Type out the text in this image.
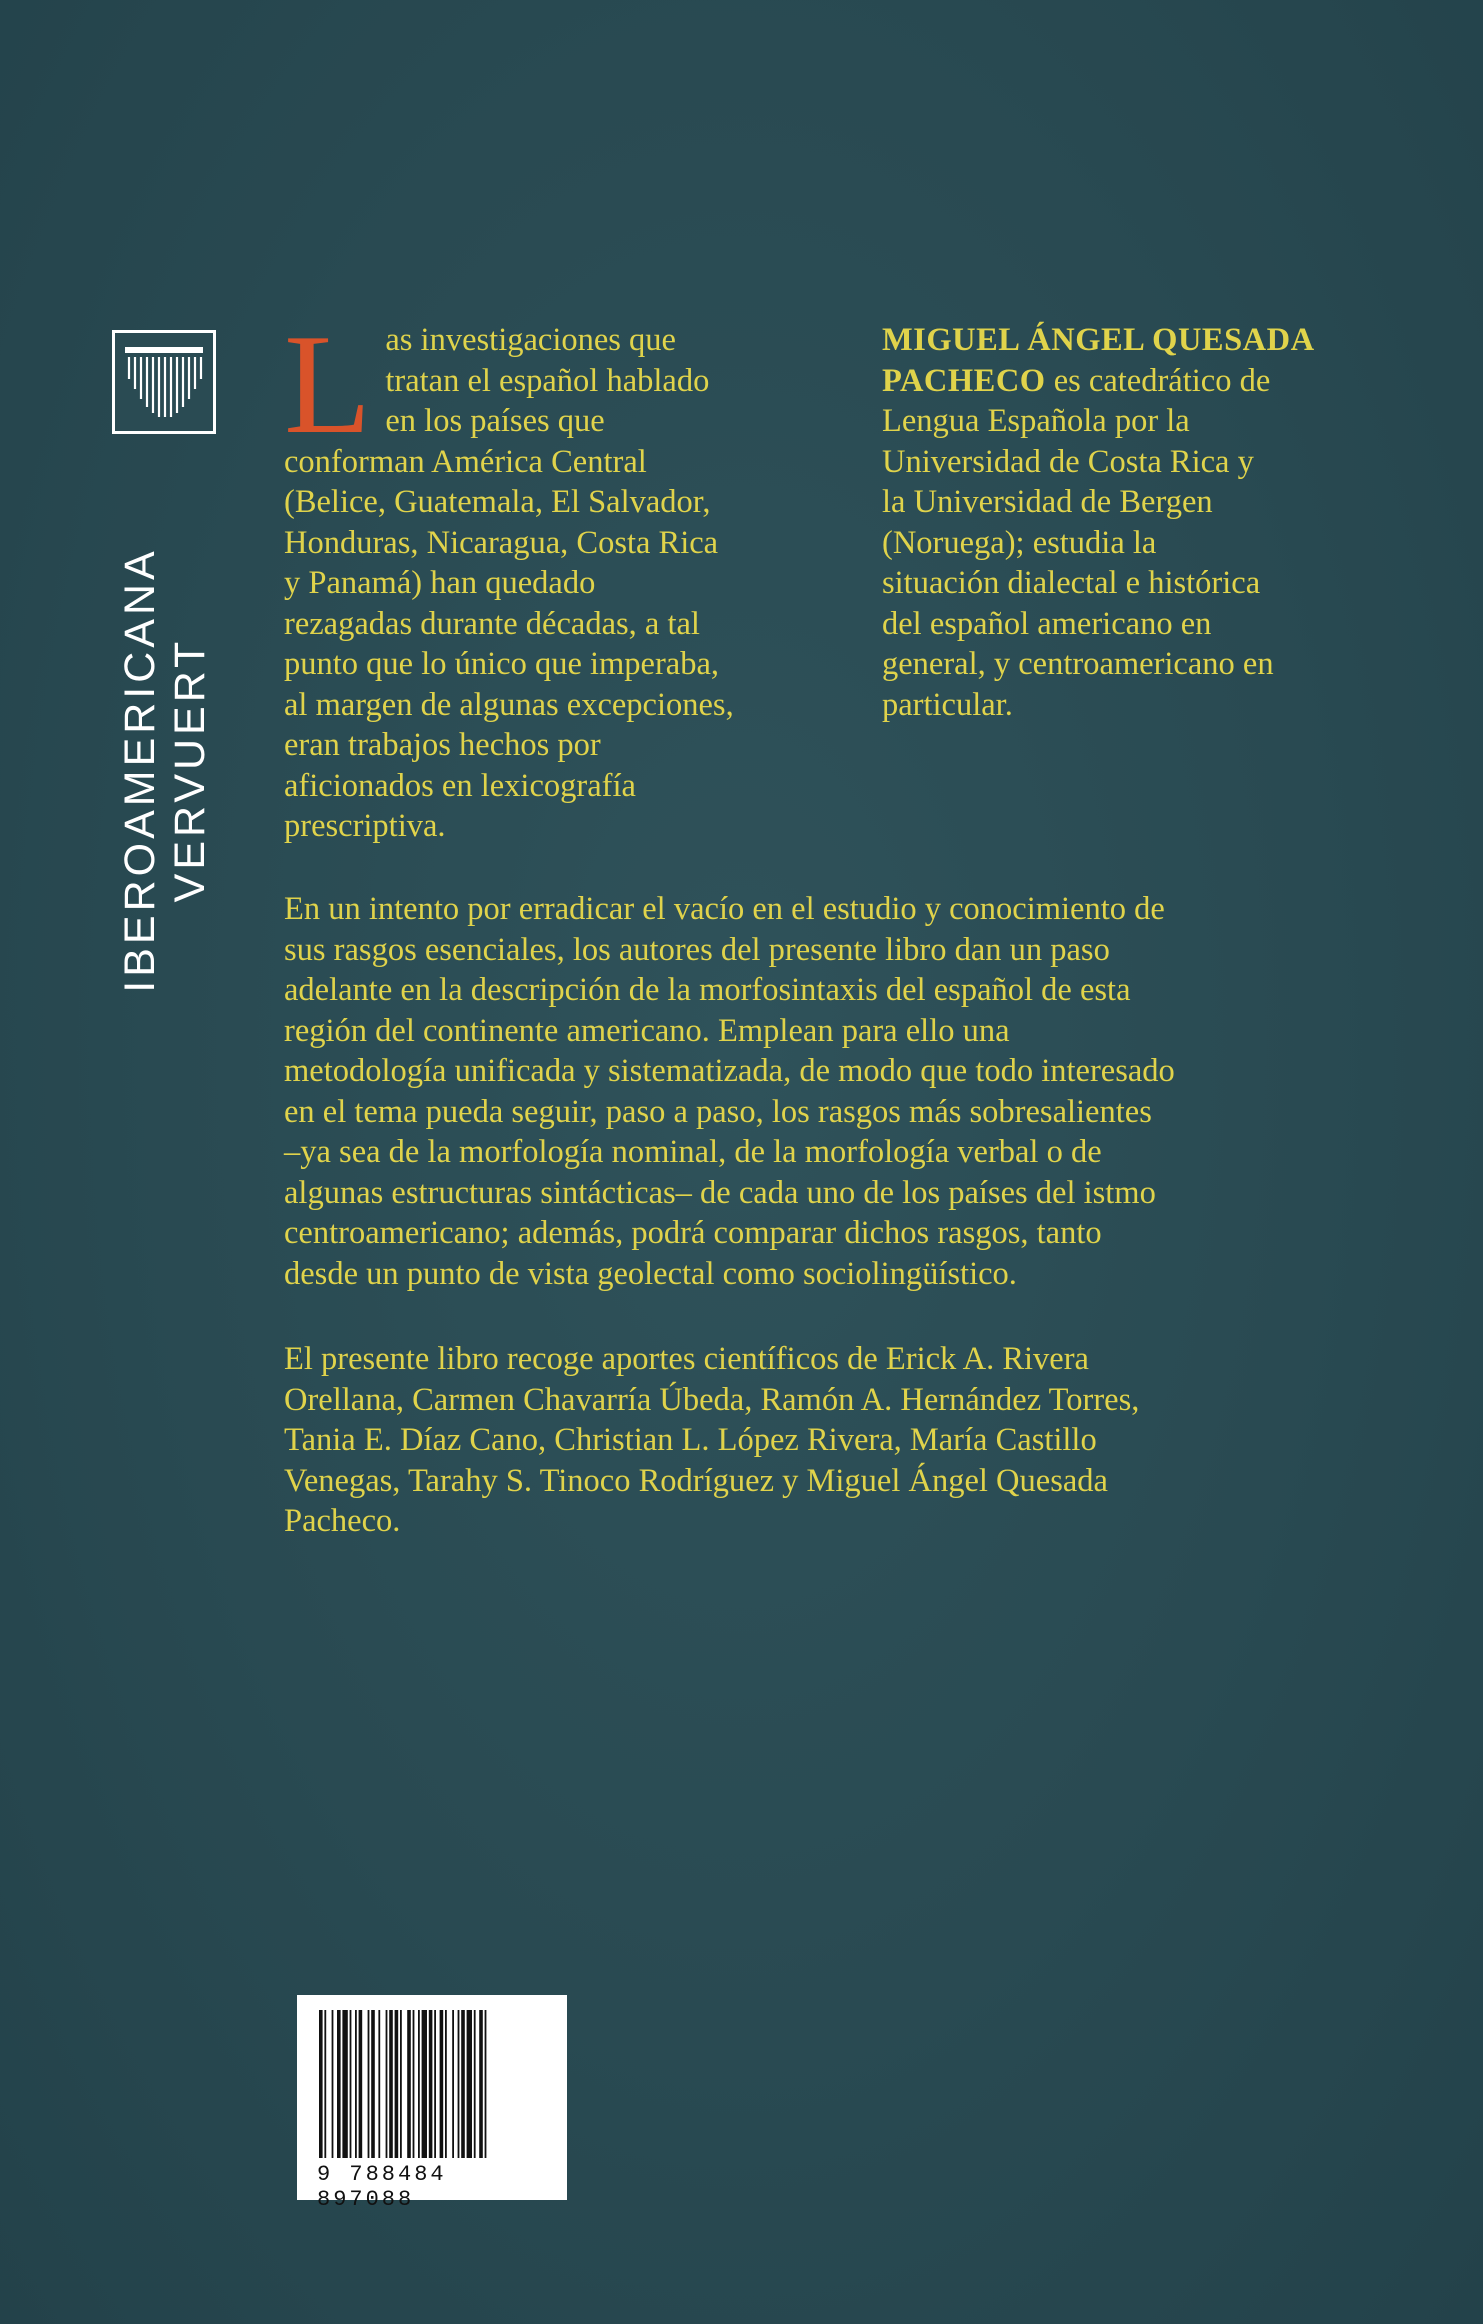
IBEROAMERICANA VERVUERT
L as investigaciones que
tratan el español hablado
en los países que
conforman América Central
(Belice, Guatemala, El Salvador,
Honduras, Nicaragua, Costa Rica
y Panamá) han quedado
rezagadas durante décadas, a tal
punto que lo único que imperaba,
al margen de algunas excepciones,
eran trabajos hechos por
aficionados en lexicografía
prescriptiva.
MIGUEL ÁNGEL QUESADA
PACHECO es catedrático de
Lengua Española por la
Universidad de Costa Rica y
la Universidad de Bergen
(Noruega); estudia la
situación dialectal e histórica
del español americano en
general, y centroamericano en
particular.
En un intento por erradicar el vacío en el estudio y conocimiento de
sus rasgos esenciales, los autores del presente libro dan un paso
adelante en la descripción de la morfosintaxis del español de esta
región del continente americano. Emplean para ello una
metodología unificada y sistematizada, de modo que todo interesado
en el tema pueda seguir, paso a paso, los rasgos más sobresalientes
–ya sea de la morfología nominal, de la morfología verbal o de
algunas estructuras sintácticas– de cada uno de los países del istmo
centroamericano; además, podrá comparar dichos rasgos, tanto
desde un punto de vista geolectal como sociolingüístico.
El presente libro recoge aportes científicos de Erick A. Rivera
Orellana, Carmen Chavarría Úbeda, Ramón A. Hernández Torres,
Tania E. Díaz Cano, Christian L. López Rivera, María Castillo
Venegas, Tarahy S. Tinoco Rodríguez y Miguel Ángel Quesada
Pacheco.
9 788484 897088
